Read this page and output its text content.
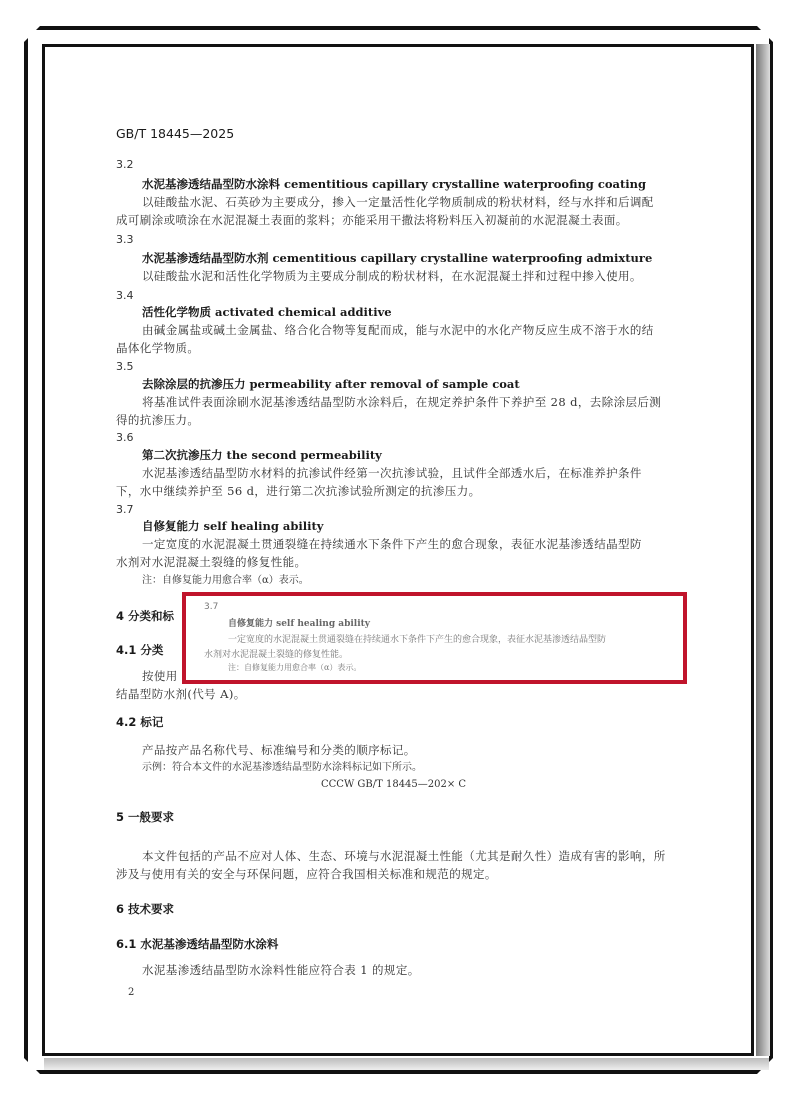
GB/T 18445—2025
3.2
水泥基渗透结晶型防水涂料 cementitious capillary crystalline waterproofing coating
以硅酸盐水泥、石英砂为主要成分，掺入一定量活性化学物质制成的粉状材料，经与水拌和后调配
成可刷涂或喷涂在水泥混凝土表面的浆料；亦能采用干撒法将粉料压入初凝前的水泥混凝土表面。
3.3
水泥基渗透结晶型防水剂 cementitious capillary crystalline waterproofing admixture
以硅酸盐水泥和活性化学物质为主要成分制成的粉状材料，在水泥混凝土拌和过程中掺入使用。
3.4
活性化学物质 activated chemical additive
由碱金属盐或碱土金属盐、络合化合物等复配而成，能与水泥中的水化产物反应生成不溶于水的结
晶体化学物质。
3.5
去除涂层的抗渗压力 permeability after removal of sample coat
将基准试件表面涂刷水泥基渗透结晶型防水涂料后，在规定养护条件下养护至 28 d，去除涂层后测
得的抗渗压力。
3.6
第二次抗渗压力 the second permeability
水泥基渗透结晶型防水材料的抗渗试件经第一次抗渗试验，且试件全部透水后，在标准养护条件
下，水中继续养护至 56 d，进行第二次抗渗试验所测定的抗渗压力。
3.7
自修复能力 self healing ability
一定宽度的水泥混凝土贯通裂缝在持续通水下条件下产生的愈合现象，表征水泥基渗透结晶型防
水剂对水泥混凝土裂缝的修复性能。
注：自修复能力用愈合率（α）表示。
4 分类和标
4.1 分类
按使用
结晶型防水剂(代号 A)。
4.2 标记
产品按产品名称代号、标准编号和分类的顺序标记。
示例：符合本文件的水泥基渗透结晶型防水涂料标记如下所示。
CCCW GB/T 18445—202× C
5 一般要求
本文件包括的产品不应对人体、生态、环境与水泥混凝土性能（尤其是耐久性）造成有害的影响，所
涉及与使用有关的安全与环保问题，应符合我国相关标准和规范的规定。
6 技术要求
6.1 水泥基渗透结晶型防水涂料
水泥基渗透结晶型防水涂料性能应符合表 1 的规定。
2
3.7
自修复能力 self healing ability
一定宽度的水泥混凝土贯通裂缝在持续通水下条件下产生的愈合现象，表征水泥基渗透结晶型防
水剂对水泥混凝土裂缝的修复性能。
注：自修复能力用愈合率（α）表示。
